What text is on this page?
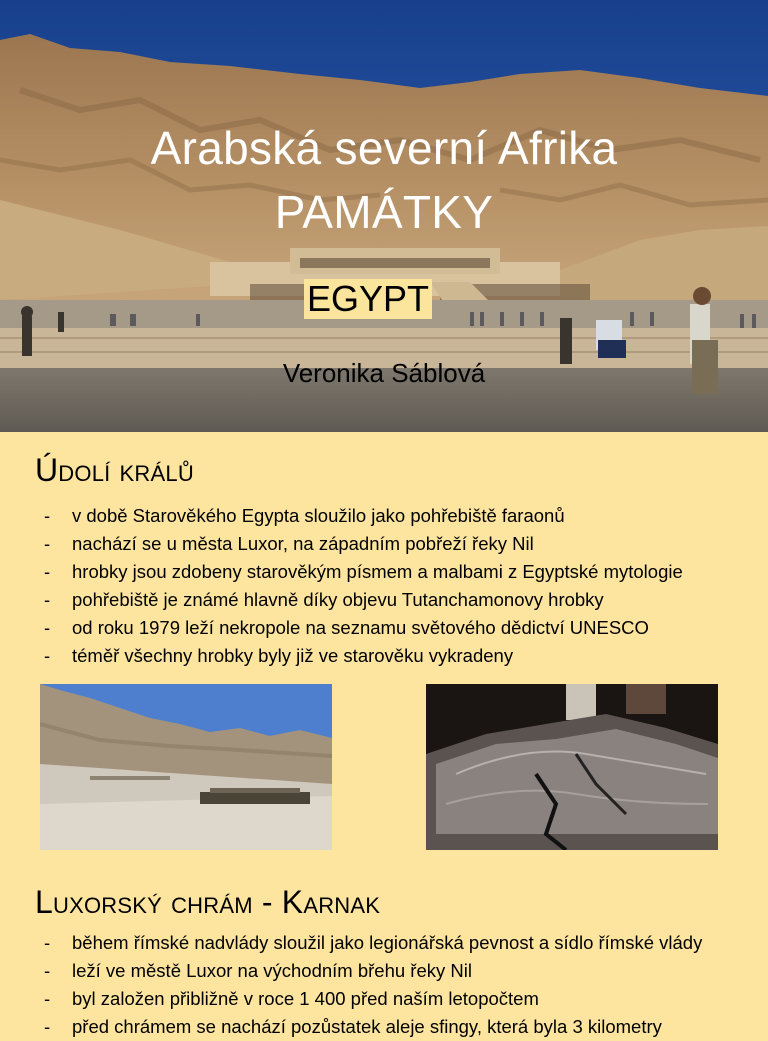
Arabská severní Afrika
PAMÁTKY
EGYPT
Veronika Sáblová
Údolí králů
- v době Starověkého Egypta sloužilo jako pohřebiště faraonů
- nachází se u města Luxor, na západním pobřeží řeky Nil
- hrobky jsou zdobeny starověkým písmem a malbami z Egyptské mytologie
- pohřebiště je známé hlavně díky objevu Tutanchamonovy hrobky
- od roku 1979 leží nekropole na seznamu světového dědictví UNESCO
- téměř všechny hrobky byly již ve starověku vykradeny
Luxorský chrám - Karnak
- během římské nadvlády sloužil jako legionářská pevnost a sídlo římské vlády
- leží ve městě Luxor na východním břehu řeky Nil
- byl založen přibližně v roce 1 400 před naším letopočtem
- před chrámem se nachází pozůstatek aleje sfingy, která byla 3 kilometry
